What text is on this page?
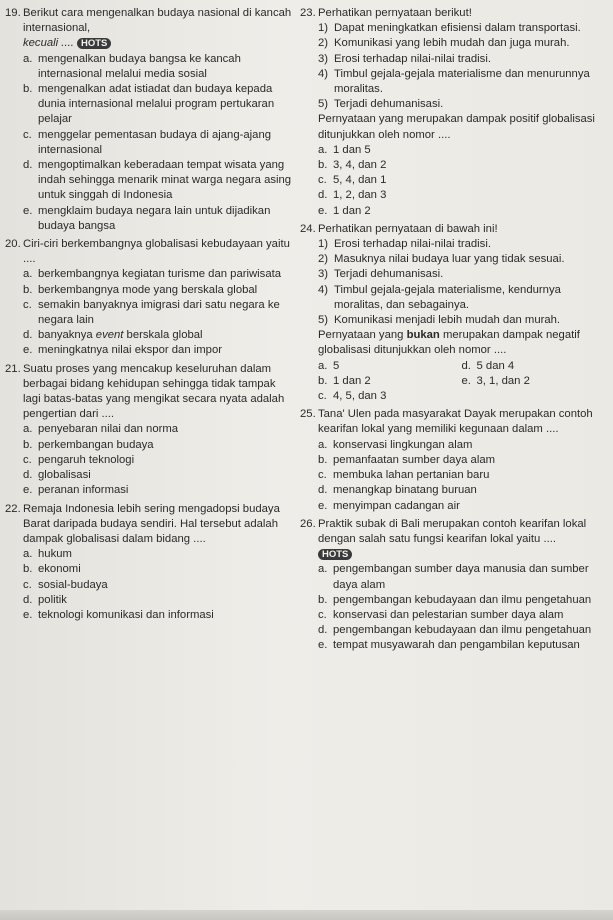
19. Berikut cara mengenalkan budaya nasional di kancah internasional,
kecuali .... HOTS
a. mengenalkan budaya bangsa ke kancah internasional melalui media sosial
b. mengenalkan adat istiadat dan budaya kepada dunia internasional melalui program pertukaran pelajar
c. menggelar pementasan budaya di ajang-ajang internasional
d. mengoptimalkan keberadaan tempat wisata yang indah sehingga menarik minat warga negara asing untuk singgah di Indonesia
e. mengklaim budaya negara lain untuk dijadikan budaya bangsa
20. Ciri-ciri berkembangnya globalisasi kebudayaan yaitu ....
a. berkembangnya kegiatan turisme dan pariwisata
b. berkembangnya mode yang berskala global
c. semakin banyaknya imigrasi dari satu negara ke negara lain
d. banyaknya event berskala global
e. meningkatnya nilai ekspor dan impor
21. Suatu proses yang mencakup keseluruhan dalam berbagai bidang kehidupan sehingga tidak tampak lagi batas-batas yang mengikat secara nyata adalah pengertian dari ....
a. penyebaran nilai dan norma
b. perkembangan budaya
c. pengaruh teknologi
d. globalisasi
e. peranan informasi
22. Remaja Indonesia lebih sering mengadopsi budaya Barat daripada budaya sendiri. Hal tersebut adalah dampak globalisasi dalam bidang ....
a. hukum
b. ekonomi
c. sosial-budaya
d. politik
e. teknologi komunikasi dan informasi
23. Perhatikan pernyataan berikut!
1) Dapat meningkatkan efisiensi dalam transportasi.
2) Komunikasi yang lebih mudah dan juga murah.
3) Erosi terhadap nilai-nilai tradisi.
4) Timbul gejala-gejala materialisme dan menurunnya moralitas.
5) Terjadi dehumanisasi.
Pernyataan yang merupakan dampak positif globalisasi ditunjukkan oleh nomor ....
a. 1 dan 5
b. 3, 4, dan 2
c. 5, 4, dan 1
d. 1, 2, dan 3
e. 1 dan 2
24. Perhatikan pernyataan di bawah ini!
1) Erosi terhadap nilai-nilai tradisi.
2) Masuknya nilai budaya luar yang tidak sesuai.
3) Terjadi dehumanisasi.
4) Timbul gejala-gejala materialisme, kendurnya moralitas, dan sebagainya.
5) Komunikasi menjadi lebih mudah dan murah.
Pernyataan yang bukan merupakan dampak negatif globalisasi ditunjukkan oleh nomor ....
a. 5	d. 5 dan 4
b. 1 dan 2	e. 3, 1, dan 2
c. 4, 5, dan 3
25. Tana' Ulen pada masyarakat Dayak merupakan contoh kearifan lokal yang memiliki kegunaan dalam ....
a. konservasi lingkungan alam
b. pemanfaatan sumber daya alam
c. membuka lahan pertanian baru
d. menangkap binatang buruan
e. menyimpan cadangan air
26. Praktik subak di Bali merupakan contoh kearifan lokal dengan salah satu fungsi kearifan lokal yaitu ....
HOTS
a. pengembangan sumber daya manusia dan sumber daya alam
b. pengembangan kebudayaan dan ilmu pengetahuan
c. konservasi dan pelestarian sumber daya alam
d. pengembangan kebudayaan dan ilmu pengetahuan
e. tempat musyawarah dan pengambilan keputusan
